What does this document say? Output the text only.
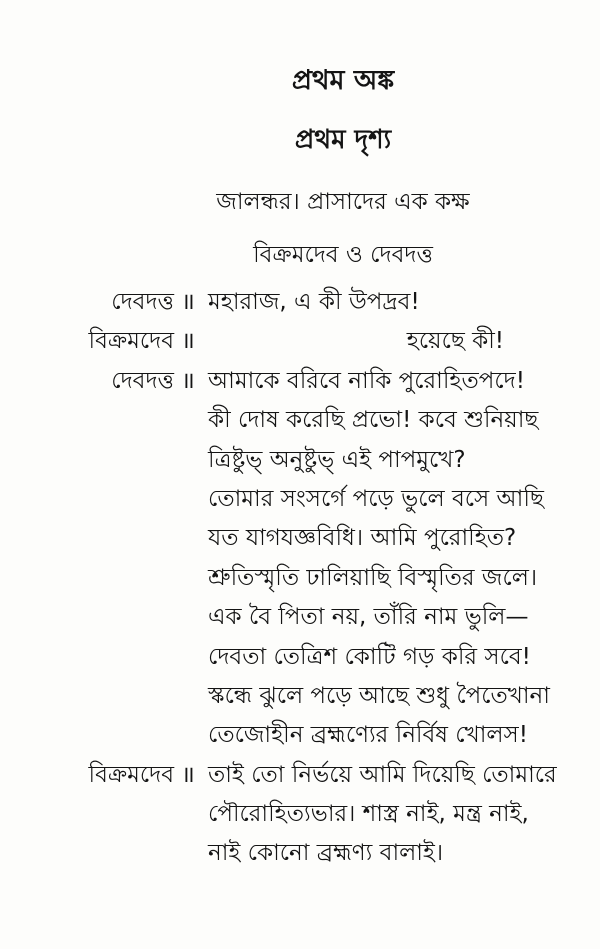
প্রথম অঙ্ক
প্রথম দৃশ্য
জালন্ধর। প্রাসাদের এক কক্ষ
বিক্রমদেব ও দেবদত্ত
দেবদত্ত ॥ মহারাজ, এ কী উপদ্রব!
বিক্রমদেব ॥	হয়েছে কী!
দেবদত্ত ॥ আমাকে বরিবে নাকি পুরোহিতপদে!
কী দোষ করেছি প্রভো! কবে শুনিয়াছ
ত্রিষ্টুভ্ অনুষ্টুভ্ এই পাপমুখে?
তোমার সংসর্গে পড়ে ভুলে বসে আছি
যত যাগযজ্ঞবিধি। আমি পুরোহিত?
শ্রুতিস্মৃতি ঢালিয়াছি বিস্মৃতির জলে।
এক বৈ পিতা নয়, তাঁরি নাম ভুলি—
দেবতা তেত্রিশ কোটি গড় করি সবে!
স্কন্ধে ঝুলে পড়ে আছে শুধু পৈতেখানা
তেজোহীন ব্রহ্মণ্যের নির্বিষ খোলস!
বিক্রমদেব ॥ তাই তো নির্ভয়ে আমি দিয়েছি তোমারে
পৌরোহিত্যভার। শাস্ত্র নাই, মন্ত্র নাই,
নাই কোনো ব্রহ্মণ্য বালাই।
